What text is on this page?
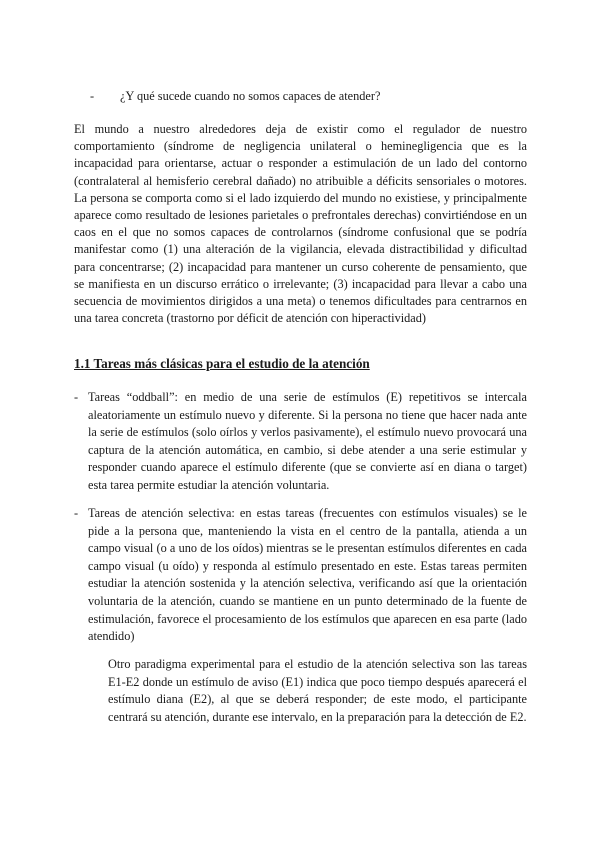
- ¿Y qué sucede cuando no somos capaces de atender?
El mundo a nuestro alrededores deja de existir como el regulador de nuestro comportamiento (síndrome de negligencia unilateral o heminegligencia que es la incapacidad para orientarse, actuar o responder a estimulación de un lado del contorno (contralateral al hemisferio cerebral dañado) no atribuible a déficits sensoriales o motores. La persona se comporta como si el lado izquierdo del mundo no existiese, y principalmente aparece como resultado de lesiones parietales o prefrontales derechas) convirtiéndose en un caos en el que no somos capaces de controlarnos (síndrome confusional que se podría manifestar como (1) una alteración de la vigilancia, elevada distractibilidad y dificultad para concentrarse; (2) incapacidad para mantener un curso coherente de pensamiento, que se manifiesta en un discurso errático o irrelevante; (3) incapacidad para llevar a cabo una secuencia de movimientos dirigidos a una meta) o tenemos dificultades para centrarnos en una tarea concreta (trastorno por déficit de atención con hiperactividad)
1.1 Tareas más clásicas para el estudio de la atención
- Tareas “oddball”: en medio de una serie de estímulos (E) repetitivos se intercala aleatoriamente un estímulo nuevo y diferente. Si la persona no tiene que hacer nada ante la serie de estímulos (solo oírlos y verlos pasivamente), el estímulo nuevo provocará una captura de la atención automática, en cambio, si debe atender a una serie estimular y responder cuando aparece el estímulo diferente (que se convierte así en diana o target) esta tarea permite estudiar la atención voluntaria.
- Tareas de atención selectiva: en estas tareas (frecuentes con estímulos visuales) se le pide a la persona que, manteniendo la vista en el centro de la pantalla, atienda a un campo visual (o a uno de los oídos) mientras se le presentan estímulos diferentes en cada campo visual (u oído) y responda al estímulo presentado en este. Estas tareas permiten estudiar la atención sostenida y la atención selectiva, verificando así que la orientación voluntaria de la atención, cuando se mantiene en un punto determinado de la fuente de estimulación, favorece el procesamiento de los estímulos que aparecen en esa parte (lado atendido)
Otro paradigma experimental para el estudio de la atención selectiva son las tareas E1-E2 donde un estímulo de aviso (E1) indica que poco tiempo después aparecerá el estímulo diana (E2), al que se deberá responder; de este modo, el participante centrará su atención, durante ese intervalo, en la preparación para la detección de E2.
